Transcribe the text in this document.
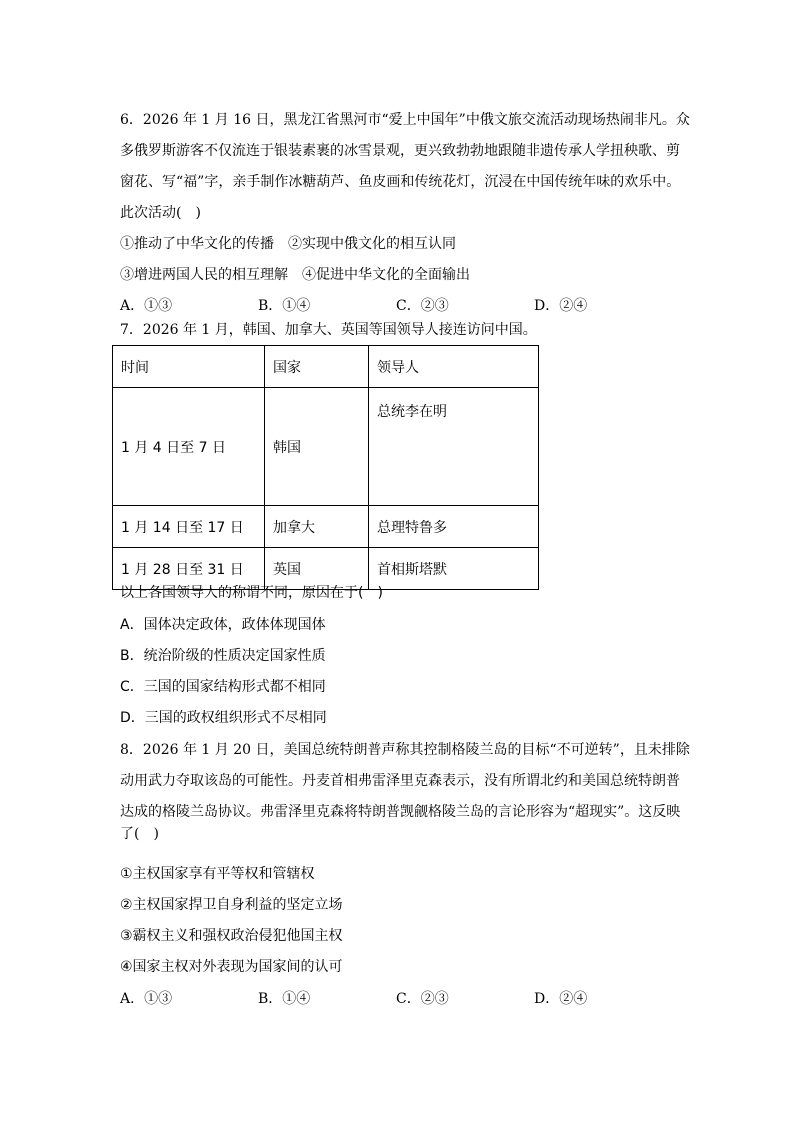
6．2026 年 1 月 16 日，黑龙江省黑河市“爱上中国年”中俄文旅交流活动现场热闹非凡。众
多俄罗斯游客不仅流连于银装素裹的冰雪景观，更兴致勃勃地跟随非遗传承人学扭秧歌、剪
窗花、写“福”字，亲手制作冰糖葫芦、鱼皮画和传统花灯，沉浸在中国传统年味的欢乐中。
此次活动(　)
①推动了中华文化的传播　②实现中俄文化的相互认同
③增进两国人民的相互理解　④促进中华文化的全面输出
A．①③	B．①④	C．②③	D．②④
7．2026 年 1 月，韩国、加拿大、英国等国领导人接连访问中国。
时间	国家	领导人
1 月 4 日至 7 日	韩国	总统李在明
1 月 14 日至 17 日	加拿大	总理特鲁多
1 月 28 日至 31 日	英国	首相斯塔默
以上各国领导人的称谓不同，原因在于(　)
A．国体决定政体，政体体现国体
B．统治阶级的性质决定国家性质
C．三国的国家结构形式都不相同
D．三国的政权组织形式不尽相同
8．2026 年 1 月 20 日，美国总统特朗普声称其控制格陵兰岛的目标“不可逆转”，且未排除
动用武力夺取该岛的可能性。丹麦首相弗雷泽里克森表示，没有所谓北约和美国总统特朗普
达成的格陵兰岛协议。弗雷泽里克森将特朗普觊觎格陵兰岛的言论形容为“超现实”。这反映
了(　)
①主权国家享有平等权和管辖权
②主权国家捍卫自身利益的坚定立场
③霸权主义和强权政治侵犯他国主权
④国家主权对外表现为国家间的认可
A．①③	B．①④	C．②③	D．②④
